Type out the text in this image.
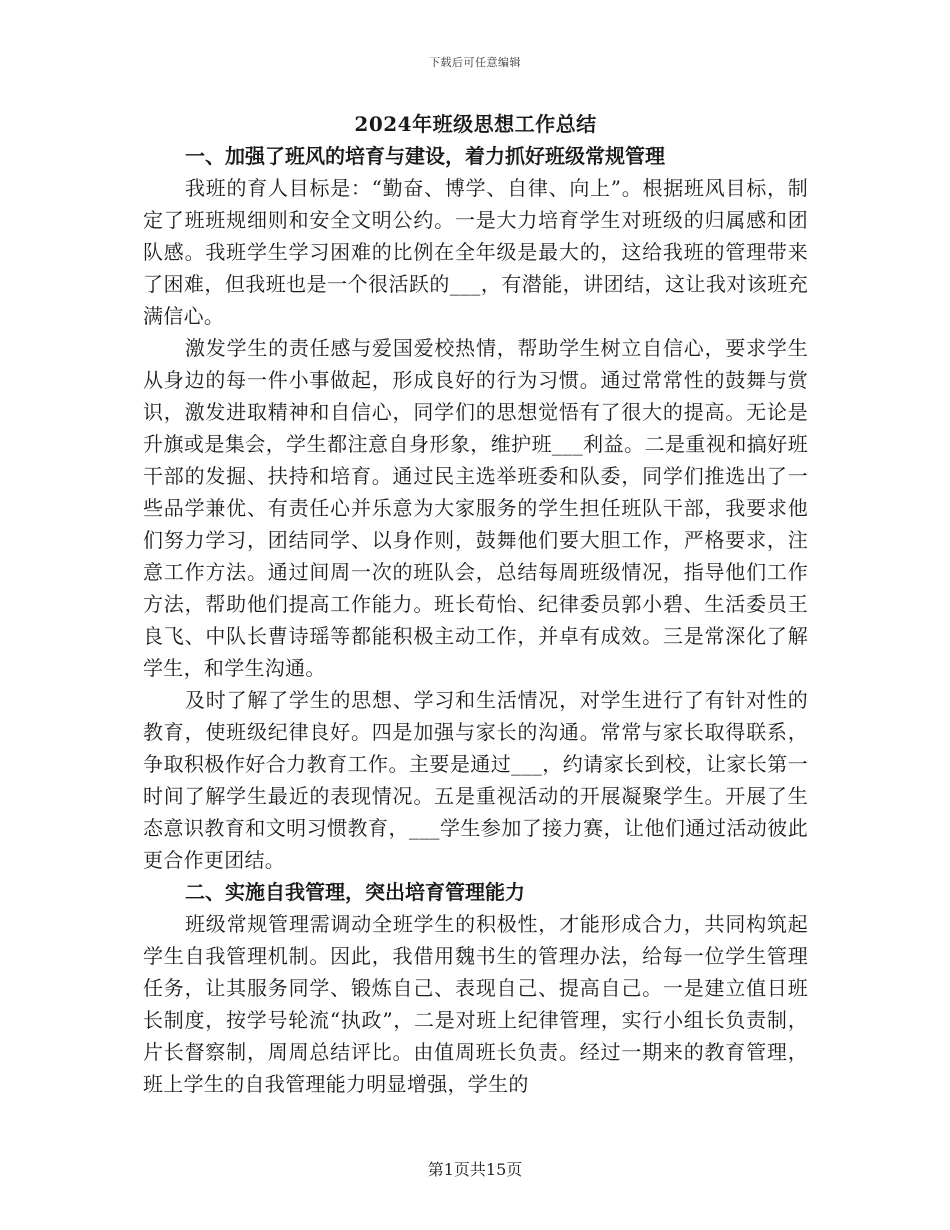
下载后可任意编辑

2024年班级思想工作总结

一、加强了班风的培育与建设，着力抓好班级常规管理

我班的育人目标是：“勤奋、博学、自律、向上”。根据班风目标，制定了班班规细则和安全文明公约。一是大力培育学生对班级的归属感和团队感。我班学生学习困难的比例在全年级是最大的，这给我班的管理带来了困难，但我班也是一个很活跃的___，有潜能，讲团结，这让我对该班充满信心。

激发学生的责任感与爱国爱校热情，帮助学生树立自信心，要求学生从身边的每一件小事做起，形成良好的行为习惯。通过常常性的鼓舞与赏识，激发进取精神和自信心，同学们的思想觉悟有了很大的提高。无论是升旗或是集会，学生都注意自身形象，维护班___利益。二是重视和搞好班干部的发掘、扶持和培育。通过民主选举班委和队委，同学们推选出了一些品学兼优、有责任心并乐意为大家服务的学生担任班队干部，我要求他们努力学习，团结同学、以身作则，鼓舞他们要大胆工作，严格要求，注意工作方法。通过间周一次的班队会，总结每周班级情况，指导他们工作方法，帮助他们提高工作能力。班长荀怡、纪律委员郭小碧、生活委员王良飞、中队长曹诗瑶等都能积极主动工作，并卓有成效。三是常深化了解学生，和学生沟通。

及时了解了学生的思想、学习和生活情况，对学生进行了有针对性的教育，使班级纪律良好。四是加强与家长的沟通。常常与家长取得联系，争取积极作好合力教育工作。主要是通过___，约请家长到校，让家长第一时间了解学生最近的表现情况。五是重视活动的开展凝聚学生。开展了生态意识教育和文明习惯教育，___学生参加了接力赛，让他们通过活动彼此更合作更团结。

二、实施自我管理，突出培育管理能力

班级常规管理需调动全班学生的积极性，才能形成合力，共同构筑起学生自我管理机制。因此，我借用魏书生的管理办法，给每一位学生管理任务，让其服务同学、锻炼自己、表现自己、提高自己。一是建立值日班长制度，按学号轮流“执政”，二是对班上纪律管理，实行小组长负责制，片长督察制，周周总结评比。由值周班长负责。经过一期来的教育管理，班上学生的自我管理能力明显增强，学生的

第1页共15页
